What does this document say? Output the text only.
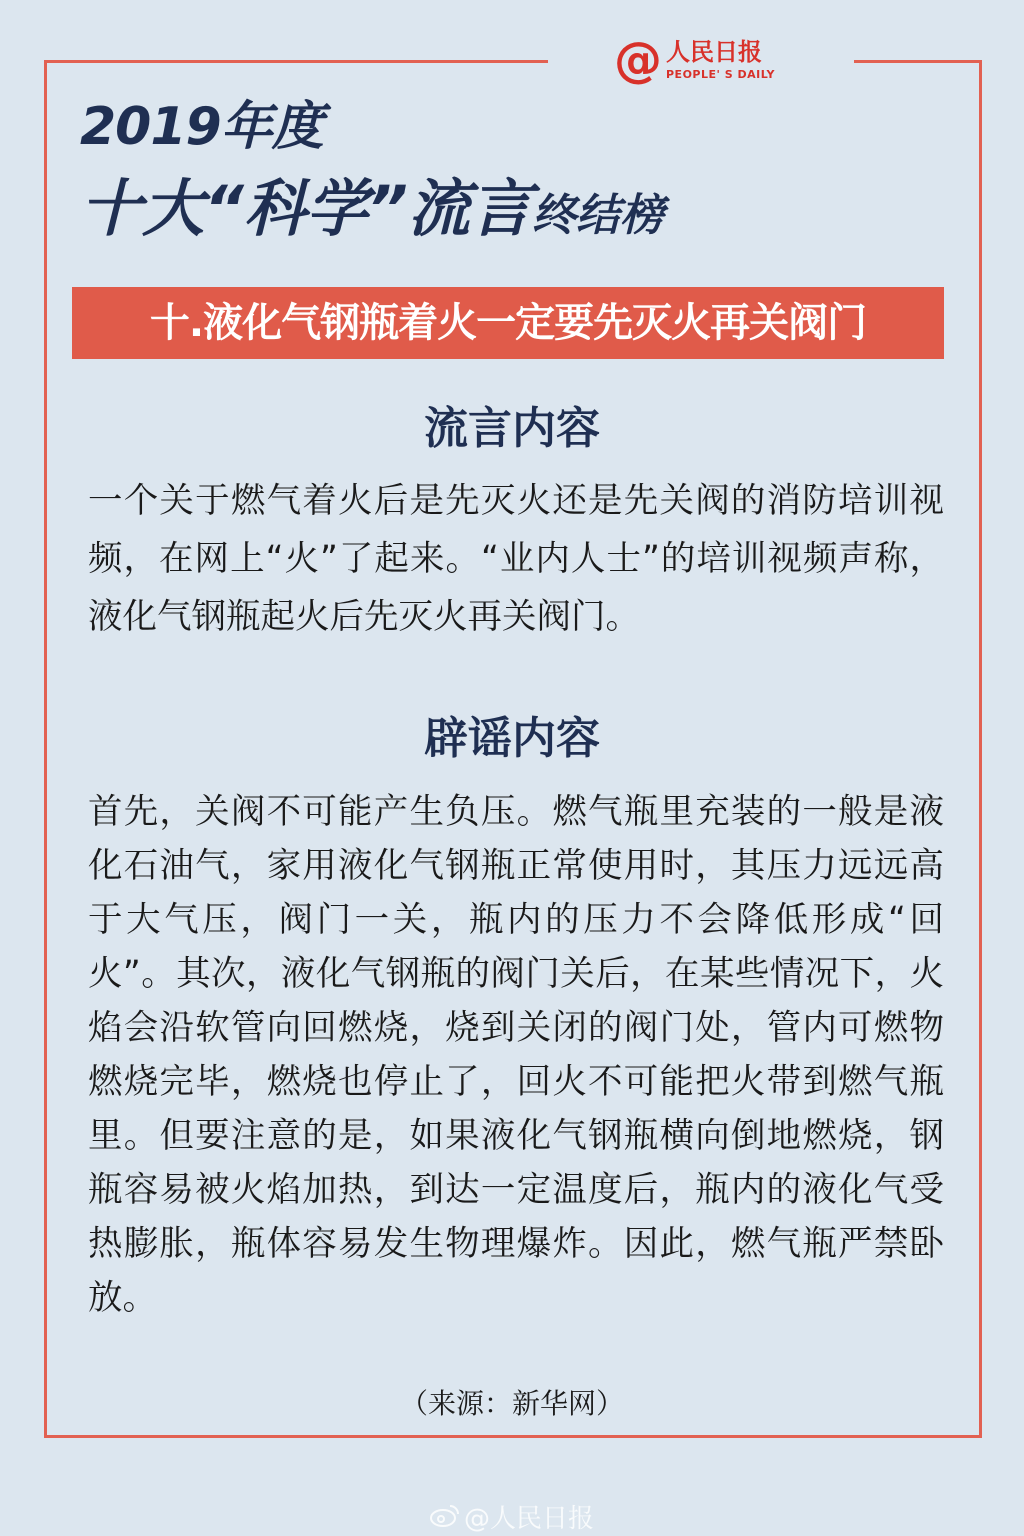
@ 人民日报
PEOPLE' S DAILY
2019年度
十大“科学”流言终结榜
十.液化气钢瓶着火一定要先灭火再关阀门
流言内容

一个关于燃气着火后是先灭火还是先关阀的消防培训视频，在网上“火”了起来。“业内人士”的培训视频声称，液化气钢瓶起火后先灭火再关阀门。

辟谣内容

首先，关阀不可能产生负压。燃气瓶里充装的一般是液化石油气，家用液化气钢瓶正常使用时，其压力远远高于大气压，阀门一关，瓶内的压力不会降低形成“回火”。其次，液化气钢瓶的阀门关后，在某些情况下，火焰会沿软管向回燃烧，烧到关闭的阀门处，管内可燃物燃烧完毕，燃烧也停止了，回火不可能把火带到燃气瓶里。但要注意的是，如果液化气钢瓶横向倒地燃烧，钢瓶容易被火焰加热，到达一定温度后，瓶内的液化气受热膨胀，瓶体容易发生物理爆炸。因此，燃气瓶严禁卧放。

（来源：新华网）
@人民日报
